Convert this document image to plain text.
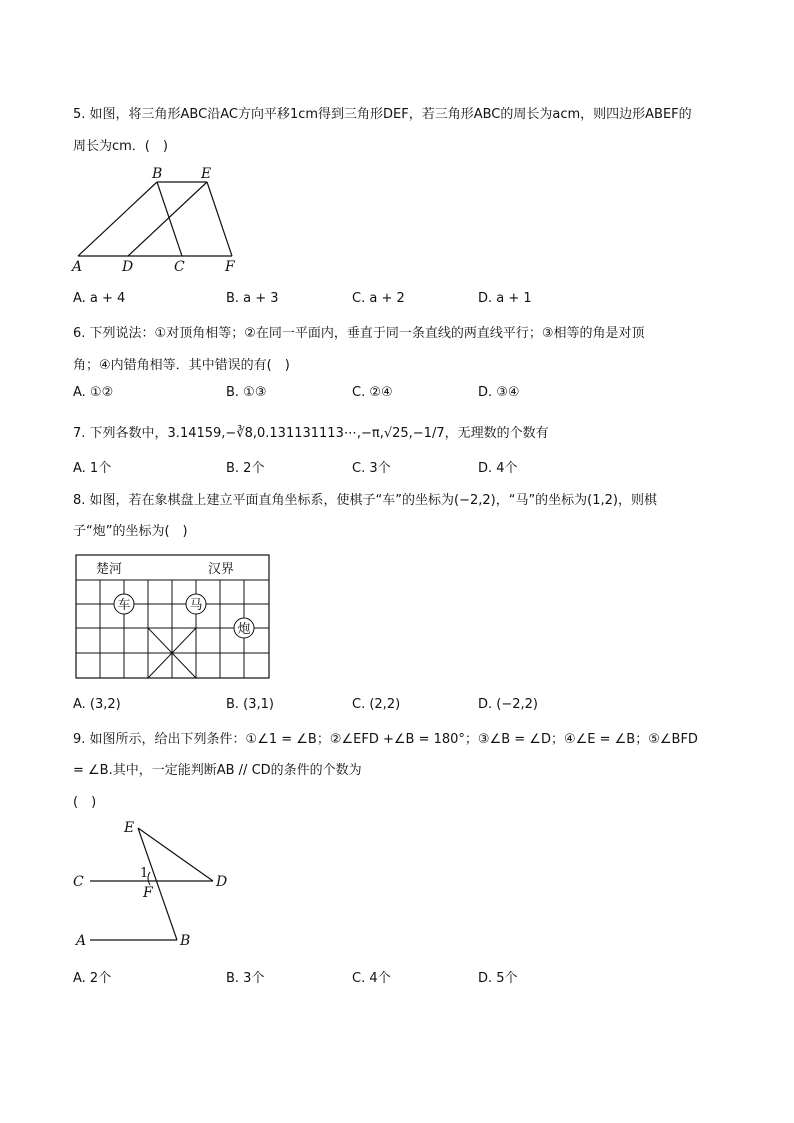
5. 如图，将三角形ABC沿AC方向平移1cm得到三角形DEF，若三角形ABC的周长为acm，则四边形ABEF的
周长为cm．(　)
B	E
A	D	C	F
A. a + 4	B. a + 3	C. a + 2	D. a + 1
6. 下列说法：①对顶角相等；②在同一平面内，垂直于同一条直线的两直线平行；③相等的角是对顶
角；④内错角相等．其中错误的有(　)
A. ①②	B. ①③	C. ②④	D. ③④
7. 下列各数中，3.14159,−∛8,0.131131113⋯,−π,√25,−1/7，无理数的个数有
A. 1个	B. 2个	C. 3个	D. 4个
8. 如图，若在象棋盘上建立平面直角坐标系，使棋子“车”的坐标为(−2,2)，“马”的坐标为(1,2)，则棋
子“炮”的坐标为(　)
楚河	汉界
车	马
炮
A. (3,2)	B. (3,1)	C. (2,2)	D. (−2,2)
9. 如图所示，给出下列条件：①∠1 = ∠B；②∠EFD +∠B = 180°；③∠B = ∠D；④∠E = ∠B；⑤∠BFD
= ∠B.其中，一定能判断AB // CD的条件的个数为
(　)
E
C	D
1
F
A	B
A. 2个	B. 3个	C. 4个	D. 5个
